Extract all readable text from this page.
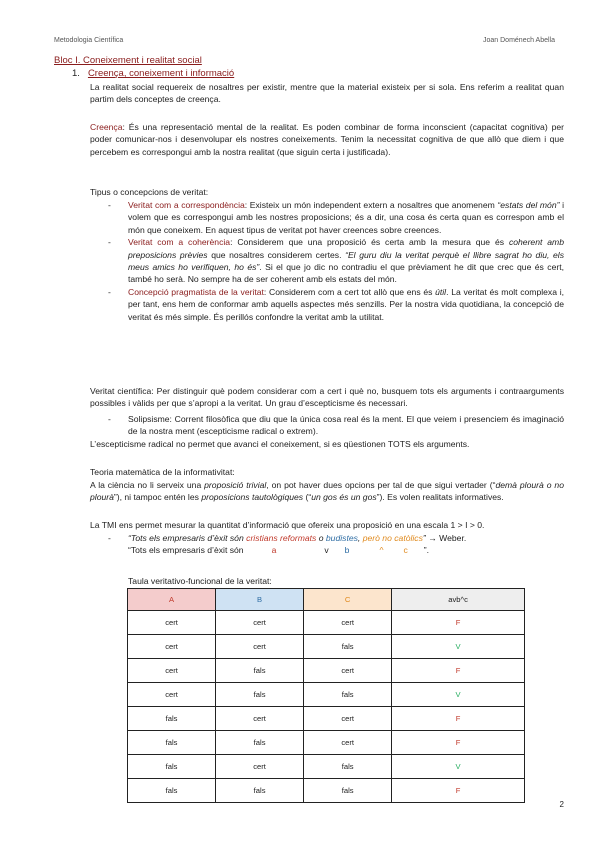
Metodologia Científica	Joan Doménech Abella
Bloc I. Coneixement i realitat social
1. Creença, coneixement i informació

La realitat social requereix de nosaltres per existir, mentre que la material existeix per si sola. Ens referim a realitat quan partim dels conceptes de creença.

Creença: És una representació mental de la realitat. Es poden combinar de forma inconscient (capacitat cognitiva) per poder comunicar-nos i desenvolupar els nostres coneixements. Tenim la necessitat cognitiva de que allò que diem i que percebem es correspongui amb la nostra realitat (que siguin certa i justificada).

Tipus o concepcions de veritat:

- Veritat com a correspondència: Existeix un món independent extern a nosaltres que anomenem “estats del món” i volem que es correspongui amb les nostres proposicions; és a dir, una cosa és certa quan es correspon amb el món que coneixem. En aquest tipus de veritat pot haver creences sobre creences.
- Veritat com a coherència: Considerem que una proposició és certa amb la mesura que és coherent amb preposicions prèvies que nosaltres considerem certes. “El guru diu la veritat perquè el llibre sagrat ho diu, els meus amics ho verifiquen, ho és”. Si el que jo dic no contradiu el que prèviament he dit que crec que és cert, també ho serà. No sempre ha de ser coherent amb els estats del món.
- Concepció pragmatista de la veritat: Considerem com a cert tot allò que ens és útil. La veritat és molt complexa i, per tant, ens hem de conformar amb aquells aspectes més senzills. Per la nostra vida quotidiana, la concepció de veritat és més simple. És perillós confondre la veritat amb la utilitat.

Veritat científica: Per distinguir què podem considerar com a cert i què no, busquem tots els arguments i contraarguments possibles i vàlids per que s’apropi a la veritat. Un grau d’escepticisme és necessari.

- Solipsisme: Corrent filosòfica que diu que la única cosa real és la ment. El que veiem i presenciem és imaginació de la nostra ment (escepticisme radical o extrem).

L’escepticisme radical no permet que avanci el coneixement, si es qüestionen TOTS els arguments.

Teoria matemàtica de la informativitat:

A la ciència no li serveix una proposició trivial, on pot haver dues opcions per tal de que sigui vertader (“demà plourà o no plourà”), ni tampoc entén les proposicions tautològiques (“un gos és un gos”). Es volen realitats informatives.

La TMI ens permet mesurar la quantitat d’informació que ofereix una proposició en una escala 1 > I > 0.

- “Tots els empresaris d’èxit són cristians reformats o budistes, però no catòlics” → Weber.
“Tots els empresaris d’èxit són	a	v b	^ c ”.
Taula veritativo-funcional de la veritat:
A	B	C	avb^c
cert	cert	cert	F
cert	cert	fals	V
cert	fals	cert	F
cert	fals	fals	V
fals	cert	cert	F
fals	fals	cert	F
fals	cert	fals	V
fals	fals	fals	F
2
